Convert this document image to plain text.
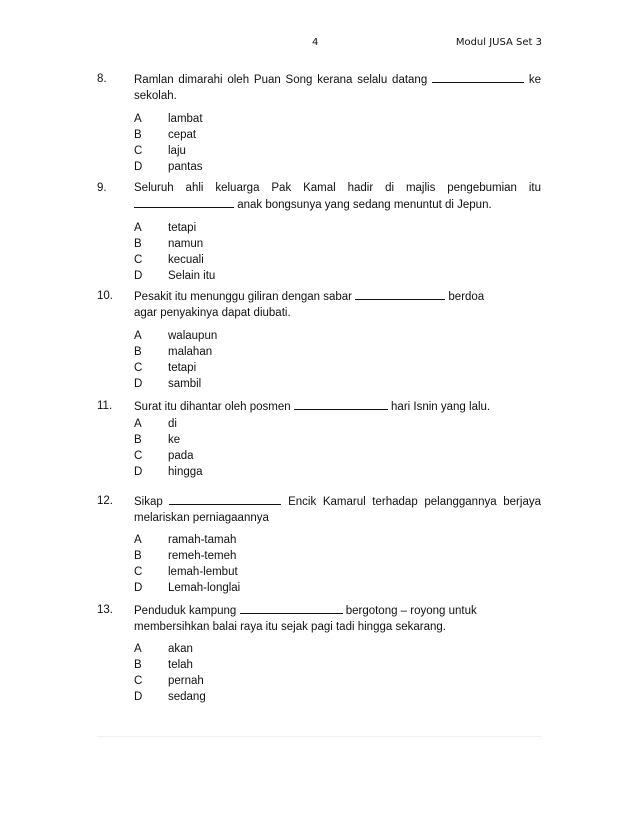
4	Modul JUSA Set 3
8. Ramlan dimarahi oleh Puan Song kerana selalu datang	ke sekolah.
A lambat
B cepat
C laju
D pantas
9. Seluruh ahli keluarga Pak Kamal hadir di majlis pengebumian itu  anak bongsunya yang sedang menuntut di Jepun.
A tetapi
B namun
C kecuali
D Selain itu
10. Pesakit itu menunggu giliran dengan sabar	berdoa agar penyakinya dapat diubati.
A walaupun
B malahan
C tetapi
D sambil
11. Surat itu dihantar oleh posmen	hari Isnin yang lalu.
A di
B ke
C pada
D hingga
12. Sikap	Encik Kamarul terhadap pelanggannya berjaya melariskan perniagaannya
A ramah-tamah
B remeh-temeh
C lemah-lembut
D Lemah-longlai
13. Penduduk kampung	bergotong – royong untuk membersihkan balai raya itu sejak pagi tadi hingga sekarang.
A akan
B telah
C pernah
D sedang
